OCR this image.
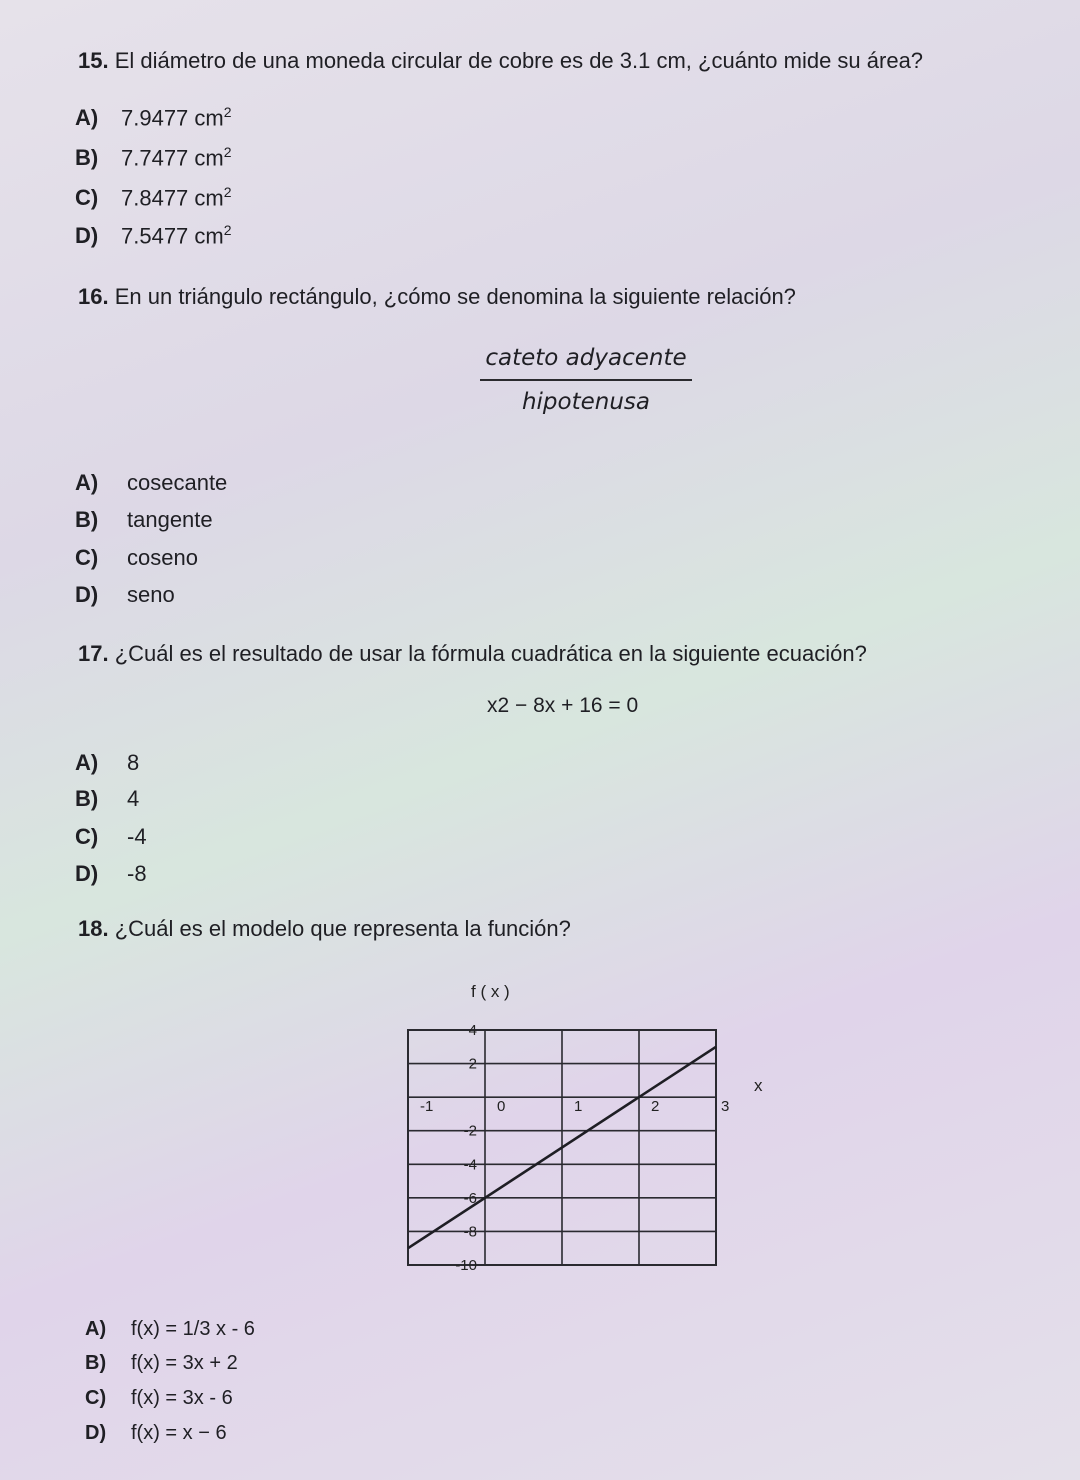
15. El diámetro de una moneda circular de cobre es de 3.1 cm, ¿cuánto mide su área?
A) 7.9477 $cm^2$
B) 7.7477 $cm^2$
C) 7.8477 $cm^2$
D) 7.5477 $cm^2$
16. En un triángulo rectángulo, ¿cómo se denomina la siguiente relación?
cateto adyacente
hipotenusa
A) cosecante
B) tangente
C) coseno
D) seno
17. ¿Cuál es el resultado de usar la fórmula cuadrática en la siguiente ecuación?
x2 − 8x + 16 = 0
A) 8
B) 4
C) -4
D) -8
18. ¿Cuál es el modelo que representa la función?
f ( x )
x
-1	0	1	2	3
4
2
-2
-4
-6
-8
-10
A) f(x) = 1/3 x - 6
B) f(x) = 3x + 2
C) f(x) = 3x - 6
D) f(x) = x − 6
